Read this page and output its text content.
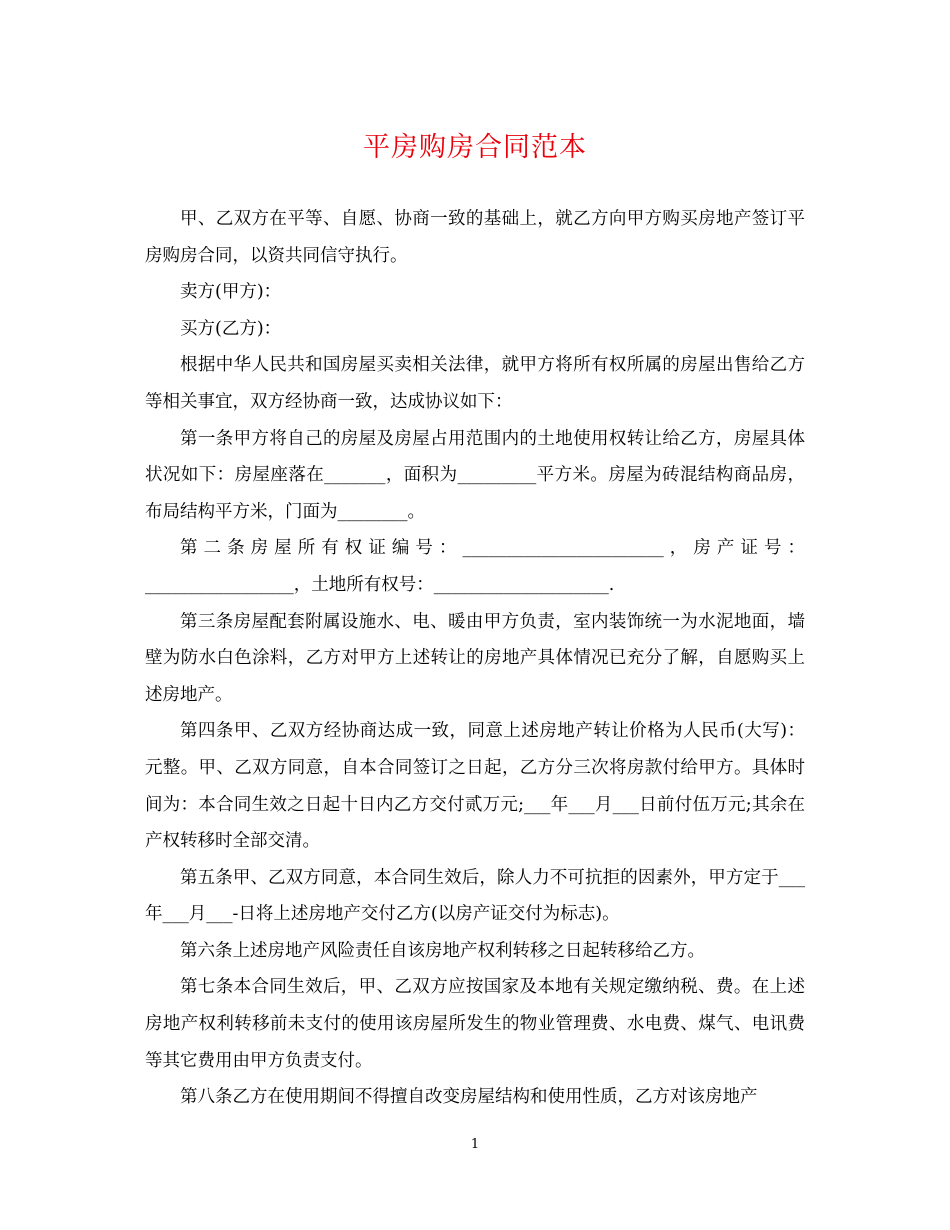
平房购房合同范本

甲、乙双方在平等、自愿、协商一致的基础上，就乙方向甲方购买房地产签订平房购房合同，以资共同信守执行。

卖方(甲方)：

买方(乙方)：

根据中华人民共和国房屋买卖相关法律，就甲方将所有权所属的房屋出售给乙方等相关事宜，双方经协商一致，达成协议如下：

第一条甲方将自己的房屋及房屋占用范围内的土地使用权转让给乙方，房屋具体状况如下：房屋座落在_______，面积为_________平方米。房屋为砖混结构商品房，布局结构平方米，门面为________。

第二条房屋所有权证编号：_______________________，房产证号：_________________，土地所有权号：____________________.

第三条房屋配套附属设施水、电、暖由甲方负责，室内装饰统一为水泥地面，墙壁为防水白色涂料，乙方对甲方上述转让的房地产具体情况已充分了解，自愿购买上述房地产。

第四条甲、乙双方经协商达成一致，同意上述房地产转让价格为人民币(大写)：元整。甲、乙双方同意，自本合同签订之日起，乙方分三次将房款付给甲方。具体时间为：本合同生效之日起十日内乙方交付贰万元;___年___月___日前付伍万元;其余在产权转移时全部交清。

第五条甲、乙双方同意，本合同生效后，除人力不可抗拒的因素外，甲方定于___年___月___-日将上述房地产交付乙方(以房产证交付为标志)。

第六条上述房地产风险责任自该房地产权利转移之日起转移给乙方。

第七条本合同生效后，甲、乙双方应按国家及本地有关规定缴纳税、费。在上述房地产权利转移前未支付的使用该房屋所发生的物业管理费、水电费、煤气、电讯费等其它费用由甲方负责支付。

第八条乙方在使用期间不得擅自改变房屋结构和使用性质，乙方对该房地产

1
